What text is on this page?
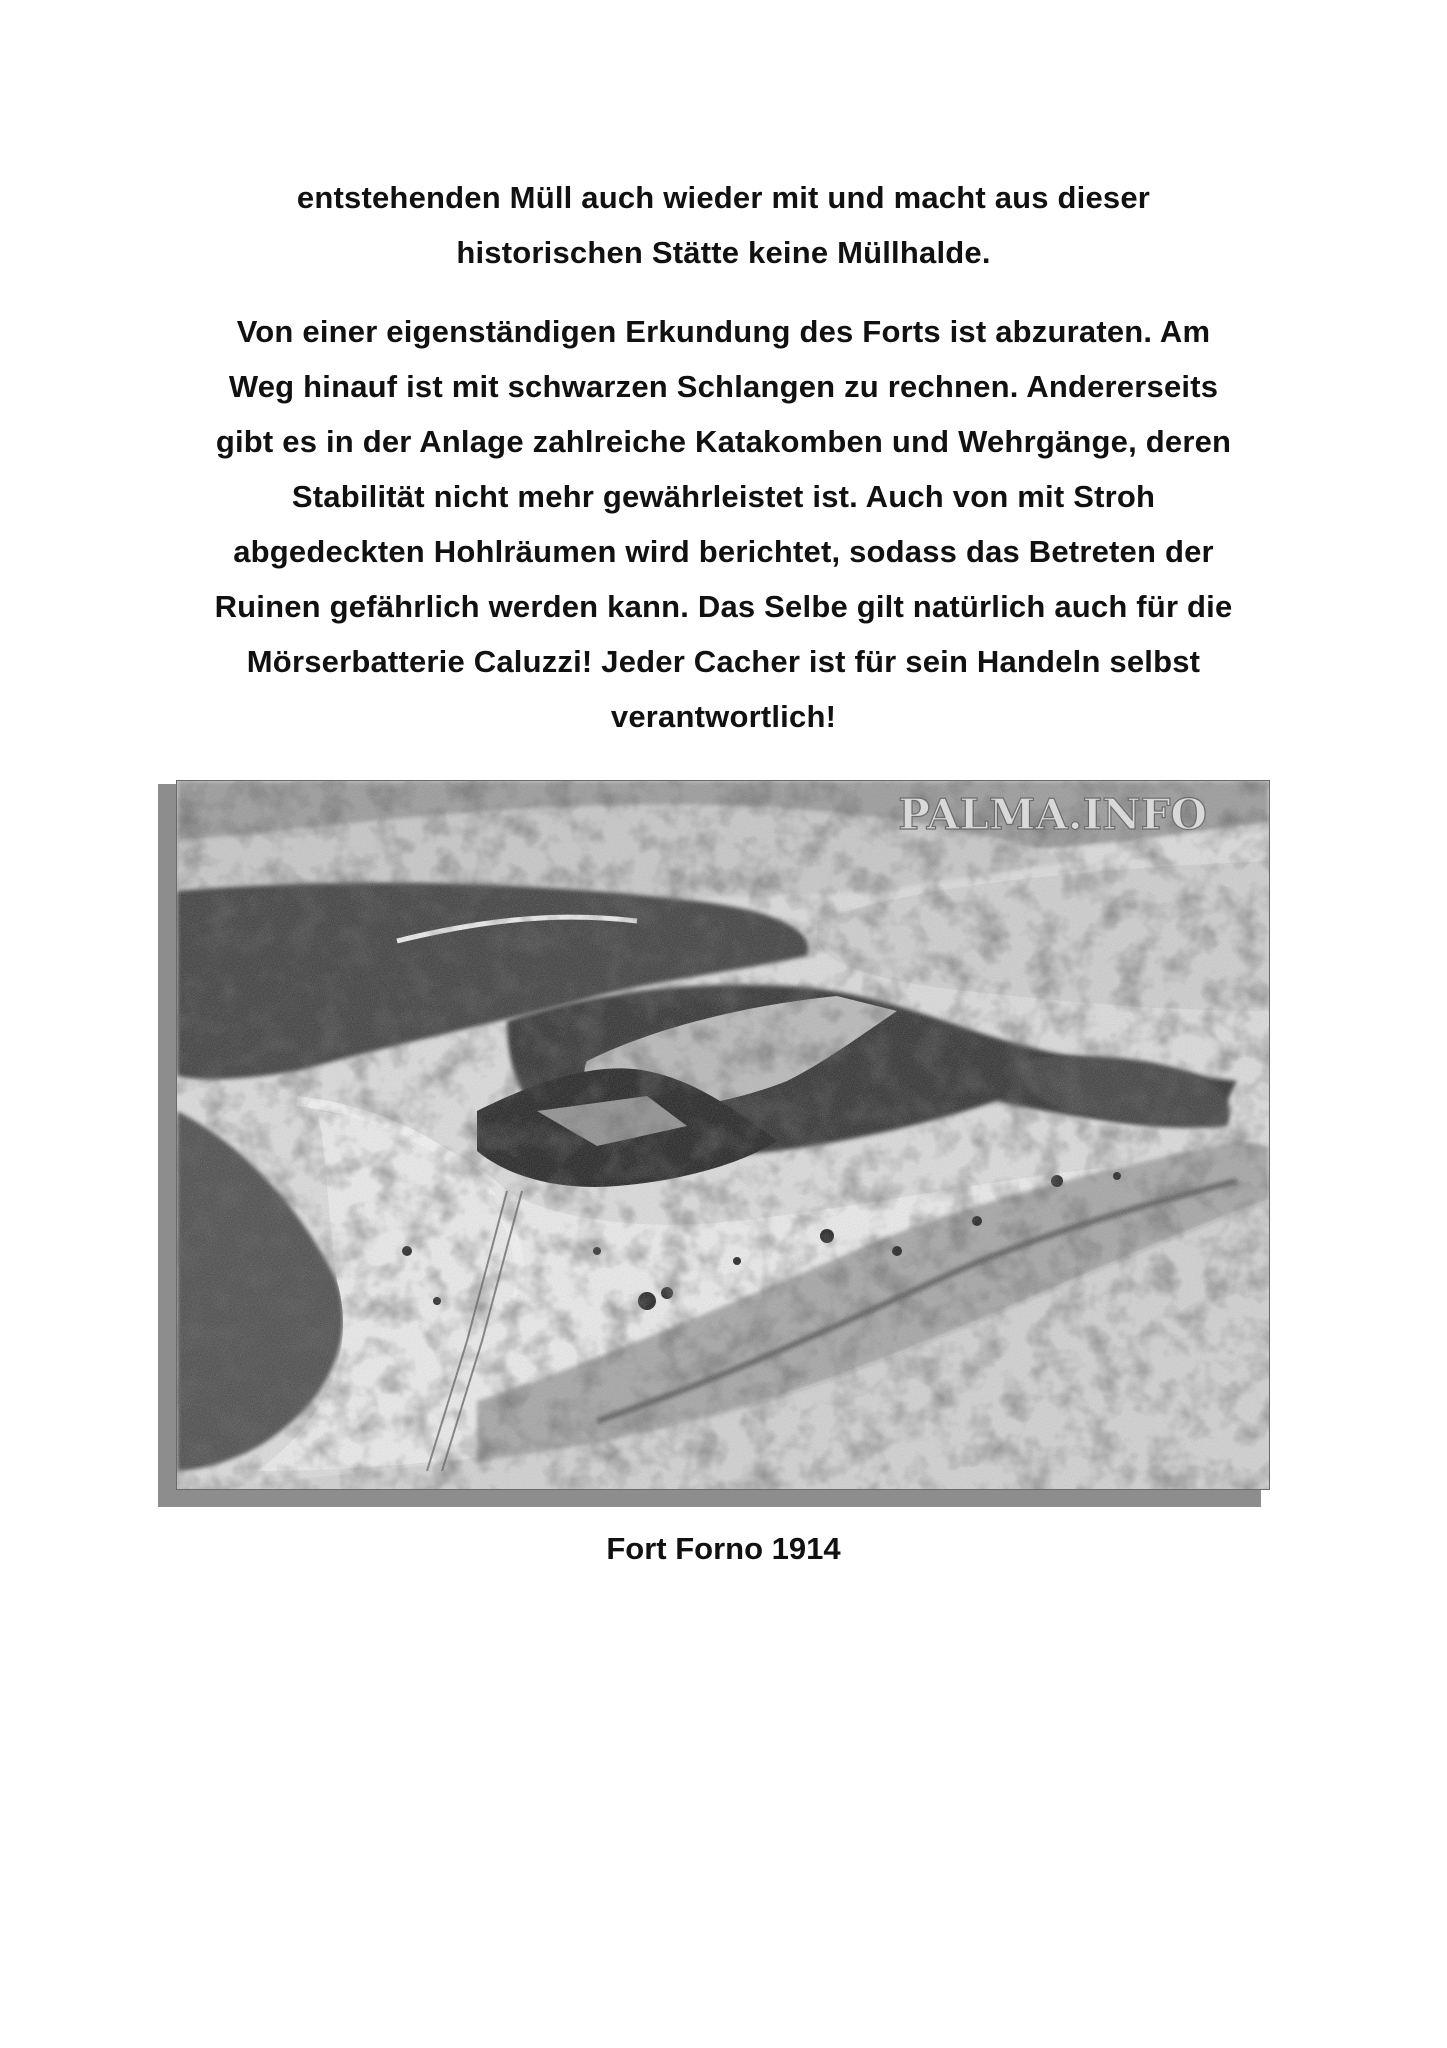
entstehenden Müll auch wieder mit und macht aus dieser
historischen Stätte keine Müllhalde.
Von einer eigenständigen Erkundung des Forts ist abzuraten. Am
Weg hinauf ist mit schwarzen Schlangen zu rechnen. Andererseits
gibt es in der Anlage zahlreiche Katakomben und Wehrgänge, deren
Stabilität nicht mehr gewährleistet ist. Auch von mit Stroh
abgedeckten Hohlräumen wird berichtet, sodass das Betreten der
Ruinen gefährlich werden kann. Das Selbe gilt natürlich auch für die
Mörserbatterie Caluzzi! Jeder Cacher ist für sein Handeln selbst
verantwortlich!
PALMA.INFO
Fort Forno 1914
